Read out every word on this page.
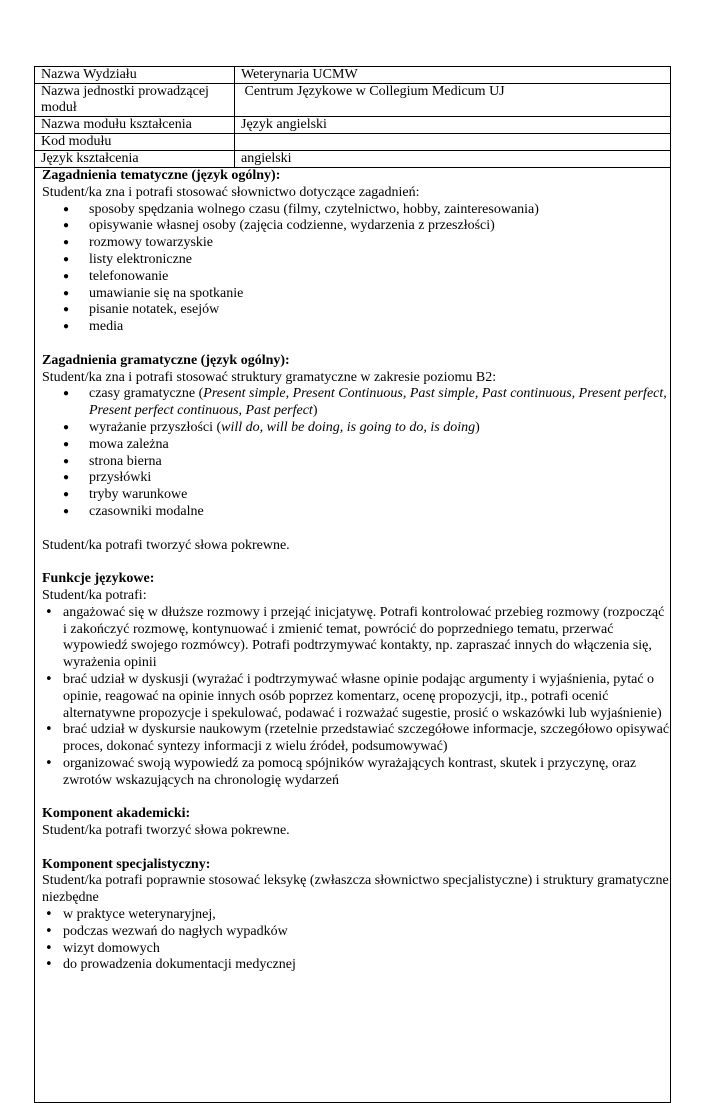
Nazwa Wydziału	Weterynaria UCMW
Nazwa jednostki prowadzącej moduł	Centrum Językowe w Collegium Medicum UJ
Nazwa modułu kształcenia	Język angielski
Kod modułu	
Język kształcenia	angielski
Zagadnienia tematyczne (język ogólny):
Student/ka zna i potrafi stosować słownictwo dotyczące zagadnień:
● sposoby spędzania wolnego czasu (filmy, czytelnictwo, hobby, zainteresowania)
● opisywanie własnej osoby (zajęcia codzienne, wydarzenia z przeszłości)
● rozmowy towarzyskie
● listy elektroniczne
● telefonowanie
● umawianie się na spotkanie
● pisanie notatek, esejów
● media
Zagadnienia gramatyczne (język ogólny):
Student/ka zna i potrafi stosować struktury gramatyczne w zakresie poziomu B2:
● czasy gramatyczne (Present simple, Present Continuous, Past simple, Past continuous, Present perfect, Present perfect continuous, Past perfect)
● wyrażanie przyszłości (will do, will be doing, is going to do, is doing)
● mowa zależna
● strona bierna
● przysłówki
● tryby warunkowe
● czasowniki modalne
Student/ka potrafi tworzyć słowa pokrewne.
Funkcje językowe:
Student/ka potrafi:
• angażować się w dłuższe rozmowy i przejąć inicjatywę. Potrafi kontrolować przebieg rozmowy (rozpocząć i zakończyć rozmowę, kontynuować i zmienić temat, powrócić do poprzedniego tematu, przerwać wypowiedź swojego rozmówcy). Potrafi podtrzymywać kontakty, np. zapraszać innych do włączenia się, wyrażenia opinii
• brać udział w dyskusji (wyrażać i podtrzymywać własne opinie podając argumenty i wyjaśnienia, pytać o opinie, reagować na opinie innych osób poprzez komentarz, ocenę propozycji, itp., potrafi ocenić alternatywne propozycje i spekulować, podawać i rozważać sugestie, prosić o wskazówki lub wyjaśnienie)
• brać udział w dyskursie naukowym (rzetelnie przedstawiać szczegółowe informacje, szczegółowo opisywać proces, dokonać syntezy informacji z wielu źródeł, podsumowywać)
• organizować swoją wypowiedź za pomocą spójników wyrażających kontrast, skutek i przyczynę, oraz zwrotów wskazujących na chronologię wydarzeń
Komponent akademicki:
Student/ka potrafi tworzyć słowa pokrewne.
Komponent specjalistyczny:
Student/ka potrafi poprawnie stosować leksykę (zwłaszcza słownictwo specjalistyczne) i struktury gramatyczne niezbędne
• w praktyce weterynaryjnej,
• podczas wezwań do nagłych wypadków
• wizyt domowych
• do prowadzenia dokumentacji medycznej
